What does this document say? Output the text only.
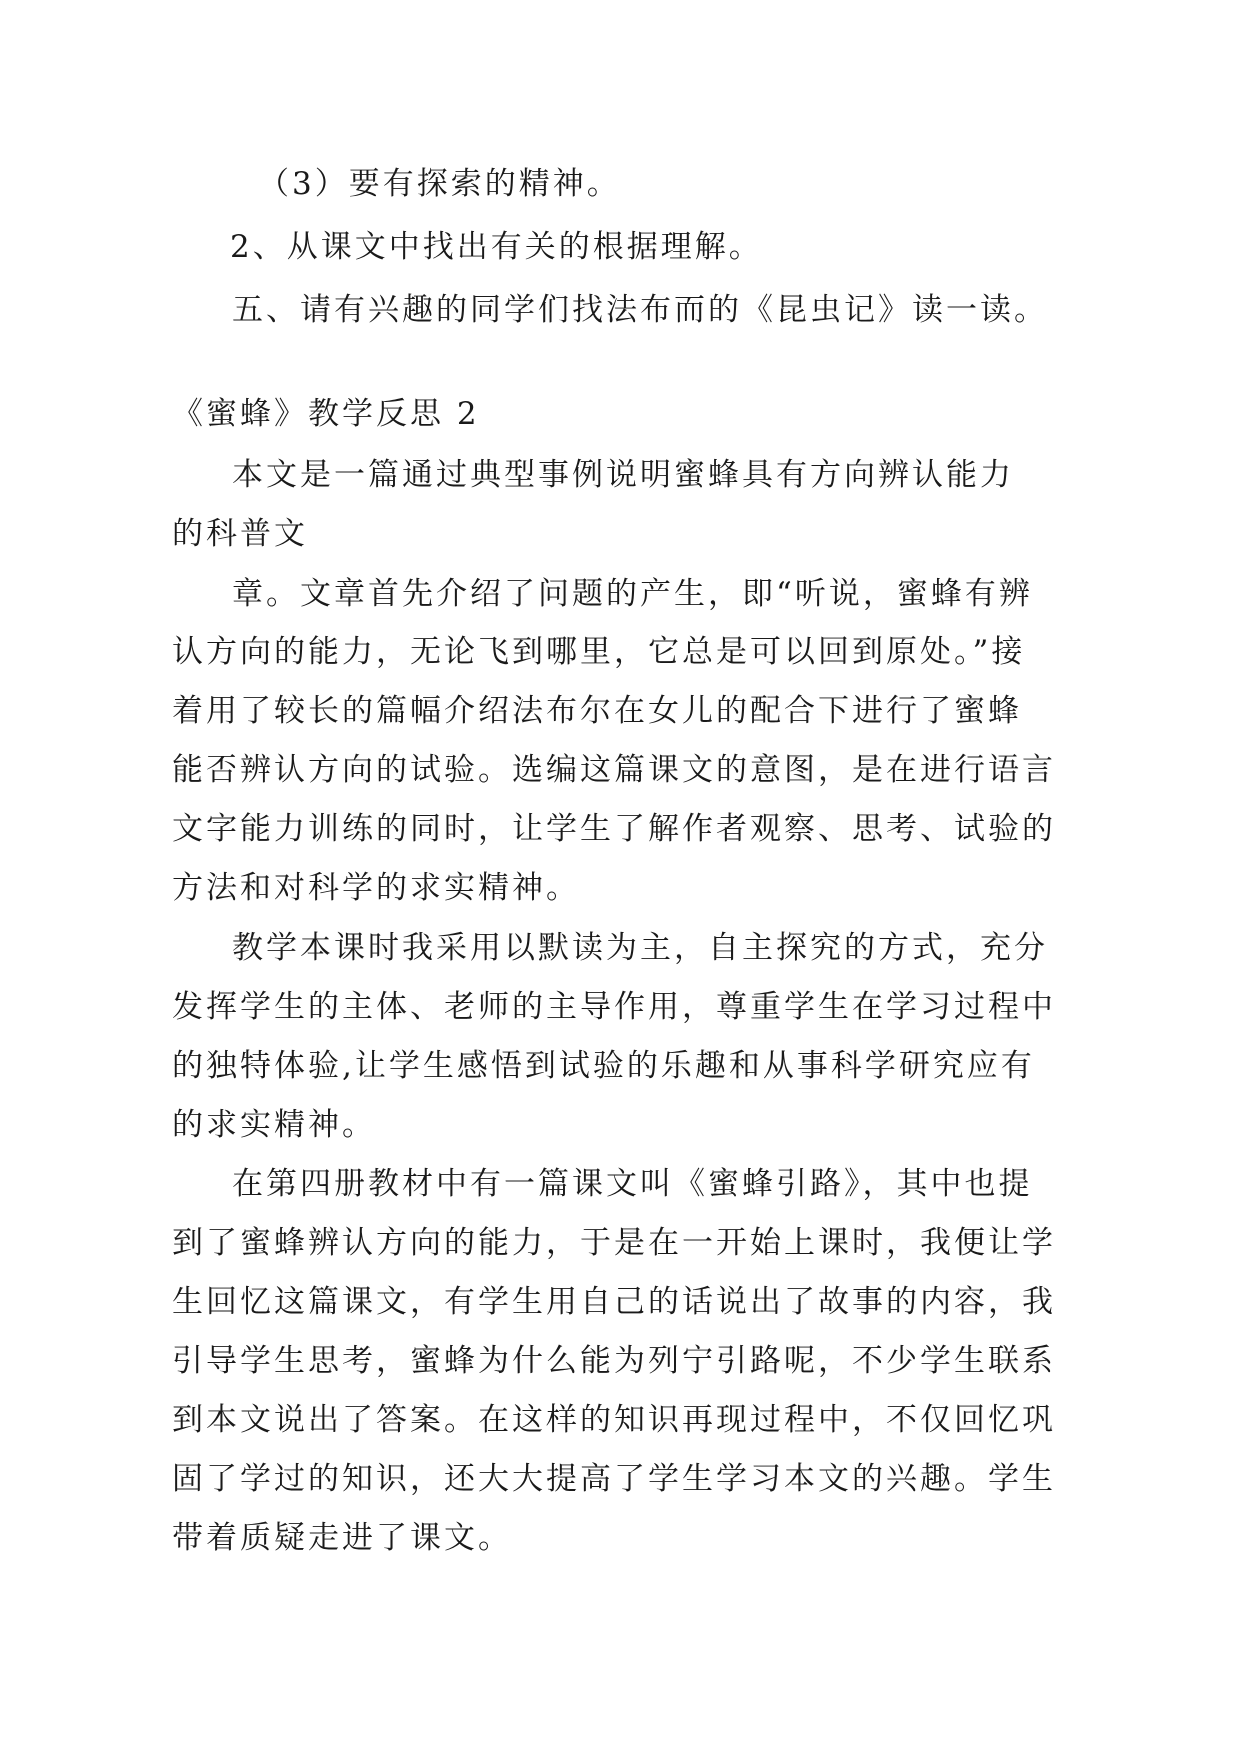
（3）要有探索的精神。
2、从课文中找出有关的根据理解。
五、请有兴趣的同学们找法布而的《昆虫记》读一读。
《蜜蜂》教学反思 2
本文是一篇通过典型事例说明蜜蜂具有方向辨认能力
的科普文
章。文章首先介绍了问题的产生，即“听说，蜜蜂有辨
认方向的能力，无论飞到哪里，它总是可以回到原处。”接
着用了较长的篇幅介绍法布尔在女儿的配合下进行了蜜蜂
能否辨认方向的试验。选编这篇课文的意图，是在进行语言
文字能力训练的同时，让学生了解作者观察、思考、试验的
方法和对科学的求实精神。
教学本课时我采用以默读为主，自主探究的方式，充分
发挥学生的主体、老师的主导作用，尊重学生在学习过程中
的独特体验,让学生感悟到试验的乐趣和从事科学研究应有
的求实精神。
在第四册教材中有一篇课文叫《蜜蜂引路》，其中也提
到了蜜蜂辨认方向的能力，于是在一开始上课时，我便让学
生回忆这篇课文，有学生用自己的话说出了故事的内容，我
引导学生思考，蜜蜂为什么能为列宁引路呢，不少学生联系
到本文说出了答案。在这样的知识再现过程中，不仅回忆巩
固了学过的知识，还大大提高了学生学习本文的兴趣。学生
带着质疑走进了课文。
